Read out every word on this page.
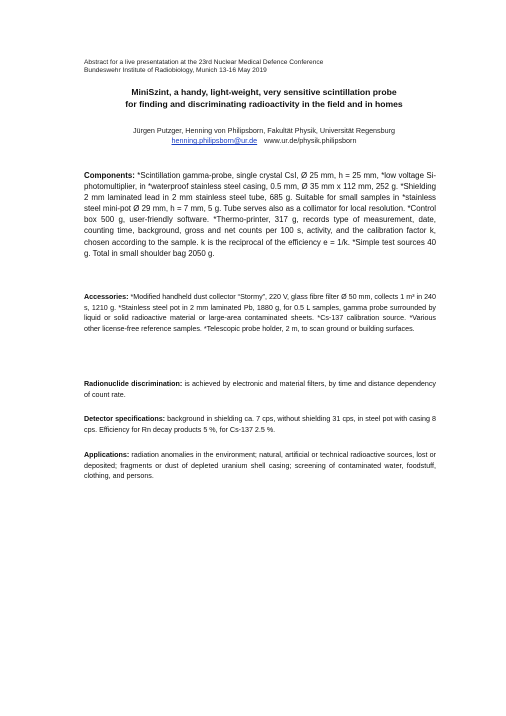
Abstract for a live presentatation at the 23rd Nuclear Medical Defence Conference
Bundeswehr Institute of Radiobiology, Munich 13-16 May 2019
MiniSzint, a handy, light-weight, very sensitive scintillation probe
for finding and discriminating radioactivity in the field and in homes
Jürgen Putzger, Henning von Philipsborn, Fakultät Physik, Universität Regensburg
henning.philipsborn@ur.de www.ur.de/physik.philipsborn
Components: *Scintillation gamma-probe, single crystal CsI, Ø 25 mm, h = 25 mm, *low voltage Si-photomultiplier, in *waterproof stainless steel casing, 0.5 mm, Ø 35 mm x 112 mm, 252 g. *Shielding 2 mm laminated lead in 2 mm stainless steel tube, 685 g. Suitable for small samples in *stainless steel mini-pot Ø 29 mm, h = 7 mm, 5 g. Tube serves also as a collimator for local resolution. *Control box 500 g, user-friendly software. *Thermo-printer, 317 g, records type of measurement, date, counting time, background, gross and net counts per 100 s, activity, and the calibration factor k, chosen according to the sample. k is the reciprocal of the efficiency e = 1/k. *Simple test sources 40 g. Total in small shoulder bag 2050 g.
Accessories: *Modified handheld dust collector “Stormy”, 220 V, glass fibre filter Ø 50 mm, collects 1 m³ in 240 s, 1210 g. *Stainless steel pot in 2 mm laminated Pb, 1880 g, for 0.5 L samples, gamma probe surrounded by liquid or solid radioactive material or large-area contaminated sheets. *Cs-137 calibration source. *Various other license-free reference samples. *Telescopic probe holder, 2 m, to scan ground or building surfaces.
Radionuclide discrimination: is achieved by electronic and material filters, by time and distance dependency of count rate.
Detector specifications: background in shielding ca. 7 cps, without shielding 31 cps, in steel pot with casing 8 cps. Efficiency for Rn decay products 5 %, for Cs-137 2.5 %.
Applications: radiation anomalies in the environment; natural, artificial or technical radioactive sources, lost or deposited; fragments or dust of depleted uranium shell casing; screening of contaminated water, foodstuff, clothing, and persons.
